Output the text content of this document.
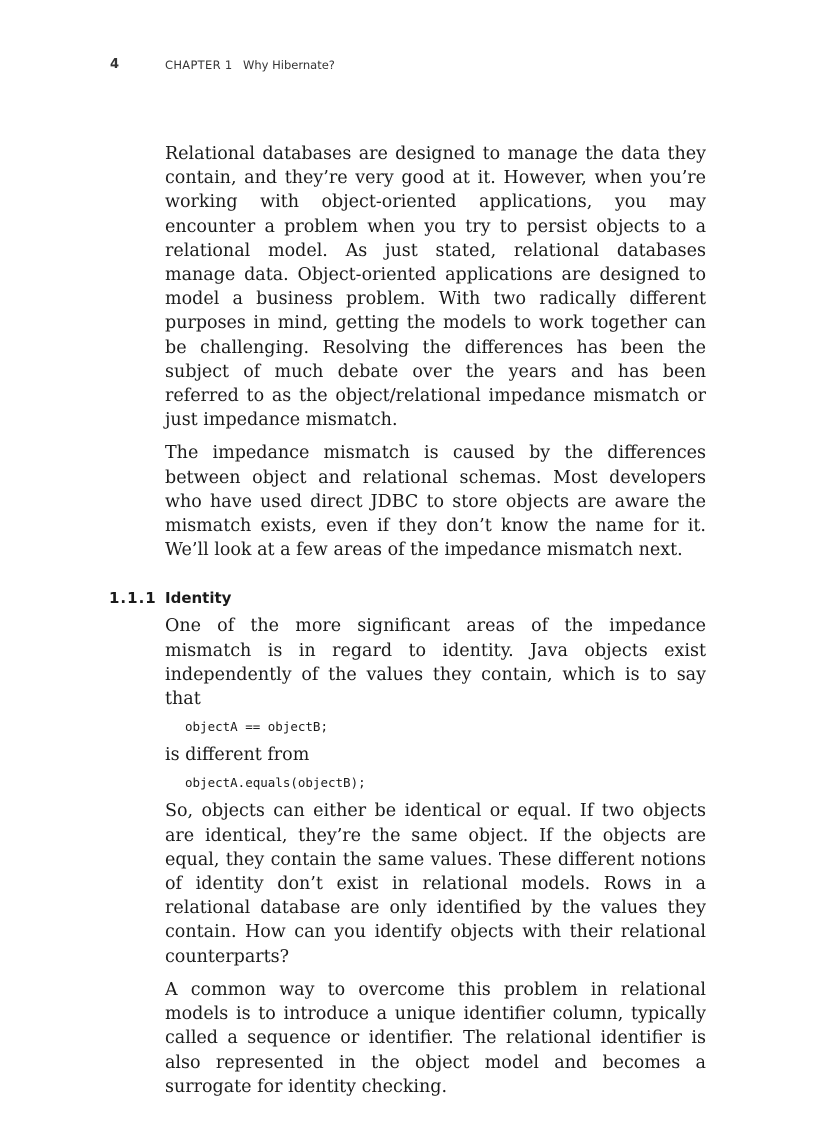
4	CHAPTER 1 Why Hibernate?

Relational databases are designed to manage the data they contain, and they’re very good at it. However, when you’re working with object-oriented applications, you may encounter a problem when you try to persist objects to a relational model. As just stated, relational databases manage data. Object-oriented applications are designed to model a business problem. With two radically different purposes in mind, getting the models to work together can be challenging. Resolving the differences has been the subject of much debate over the years and has been referred to as the object/relational impedance mismatch or just impedance mismatch.

The impedance mismatch is caused by the differences between object and relational schemas. Most developers who have used direct JDBC to store objects are aware the mismatch exists, even if they don’t know the name for it. We’ll look at a few areas of the impedance mismatch next.

1.1.1 Identity

One of the more significant areas of the impedance mismatch is in regard to identity. Java objects exist independently of the values they contain, which is to say that

objectA == objectB;

is different from

objectA.equals(objectB);

So, objects can either be identical or equal. If two objects are identical, they’re the same object. If the objects are equal, they contain the same values. These different notions of identity don’t exist in relational models. Rows in a relational database are only identified by the values they contain. How can you identify objects with their relational counterparts?

A common way to overcome this problem in relational models is to introduce a unique identifier column, typically called a sequence or identifier. The relational identifier is also represented in the object model and becomes a surrogate for identity checking.
